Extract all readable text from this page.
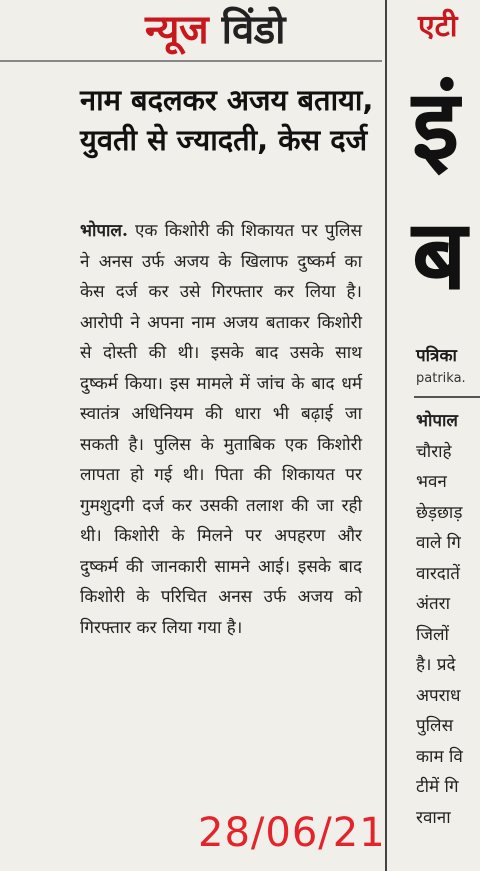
न्यूज विंडो
नाम बदलकर अजय बताया, युवती से ज्यादती, केस दर्ज
भोपाल. एक किशोरी की शिकायत पर पुलिस ने अनस उर्फ अजय के खिलाफ दुष्कर्म का केस दर्ज कर उसे गिरफ्तार कर लिया है। आरोपी ने अपना नाम अजय बताकर किशोरी से दोस्ती की थी। इसके बाद उसके साथ दुष्कर्म किया। इस मामले में जांच के बाद धर्म स्वातंत्र अधिनियम की धारा भी बढ़ाई जा सकती है। पुलिस के मुताबिक एक किशोरी लापता हो गई थी। पिता की शिकायत पर गुमशुदगी दर्ज कर उसकी तलाश की जा रही थी। किशोरी के मिलने पर अपहरण और दुष्कर्म की जानकारी सामने आई। इसके बाद किशोरी के परिचित अनस उर्फ अजय को गिरफ्तार कर लिया गया है।
एटी
इं
ब
पत्रिका
patrika.
भोपाल
चौराहे
भवन
छेड़छाड़
वाले गि
वारदातें
अंतरा
जिलों
है। प्रदे
अपराध
पुलिस
काम वि
टीमें गि
रवाना
28/06/21
